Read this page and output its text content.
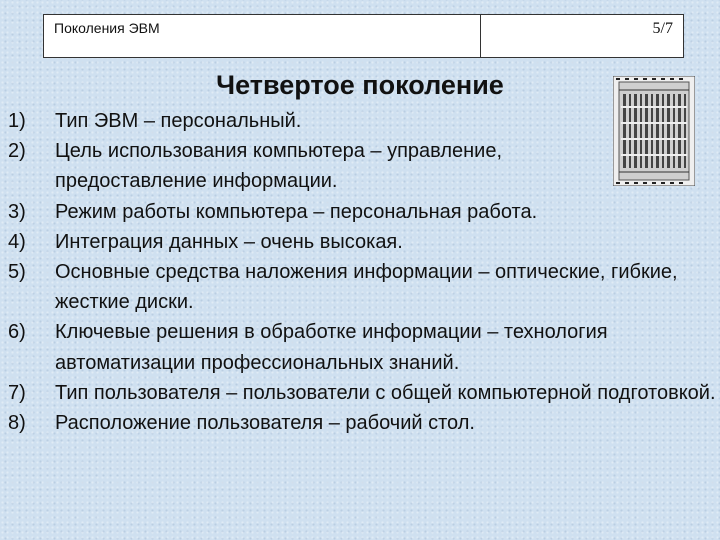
Поколения ЭВМ	5/7
Четвертое поколение
1)	Тип ЭВМ – персональный.
2)	Цель использования компьютера – управление, предоставление информации.
3)	Режим работы компьютера – персональная работа.
4)	Интеграция данных – очень высокая.
5)	Основные средства наложения информации – оптические, гибкие, жесткие диски.
6)	Ключевые решения в обработке информации – технология автоматизации профессиональных знаний.
7)	Тип пользователя – пользователи с общей компьютерной подготовкой.
8)	Расположение пользователя – рабочий стол.
